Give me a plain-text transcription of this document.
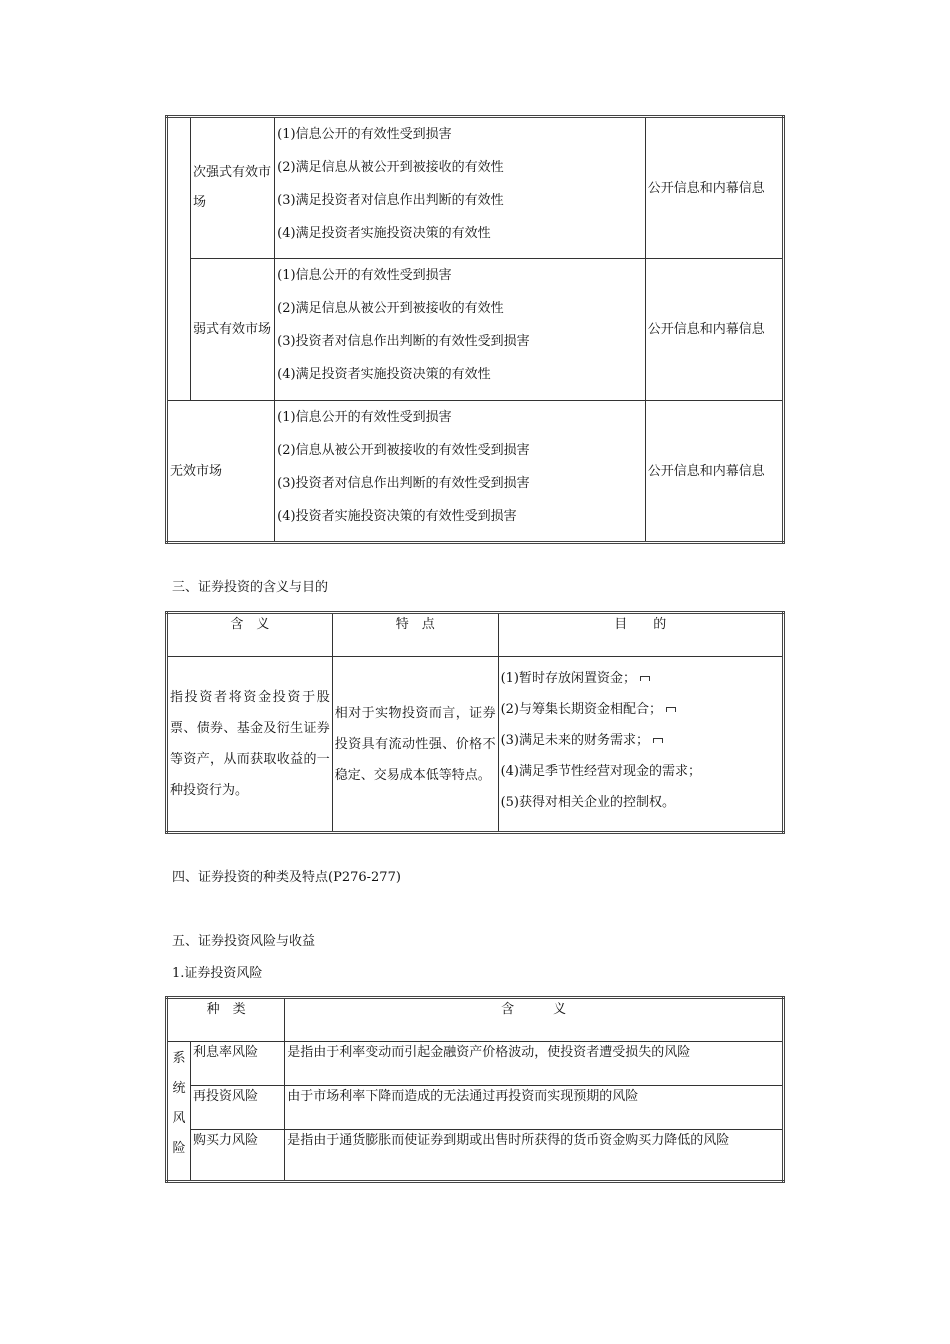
	次强式有效市场	(1)信息公开的有效性受到损害
(2)满足信息从被公开到被接收的有效性
(3)满足投资者对信息作出判断的有效性
(4)满足投资者实施投资决策的有效性	公开信息和内幕信息
	弱式有效市场	(1)信息公开的有效性受到损害
(2)满足信息从被公开到被接收的有效性
(3)投资者对信息作出判断的有效性受到损害
(4)满足投资者实施投资决策的有效性	公开信息和内幕信息
无效市场		(1)信息公开的有效性受到损害
(2)信息从被公开到被接收的有效性受到损害
(3)投资者对信息作出判断的有效性受到损害
(4)投资者实施投资决策的有效性受到损害	公开信息和内幕信息
三、证券投资的含义与目的
含　义	特　点	目　　的
指投资者将资金投资于股票、债券、基金及衍生证券等资产，从而获取收益的一种投资行为。	相对于实物投资而言，证券投资具有流动性强、价格不稳定、交易成本低等特点。	(1)暂时存放闲置资金；
(2)与筹集长期资金相配合；
(3)满足未来的财务需求；
(4)满足季节性经营对现金的需求；
(5)获得对相关企业的控制权。
四、证券投资的种类及特点(P276-277)
五、证券投资风险与收益
1.证券投资风险
种　类		含　　　义

系
统
风
险	利息率风险	是指由于利率变动而引起金融资产价格波动，使投资者遭受损失的风险
	再投资风险	由于市场利率下降而造成的无法通过再投资而实现预期的风险
	购买力风险	是指由于通货膨胀而使证券到期或出售时所获得的货币资金购买力降低的风险
